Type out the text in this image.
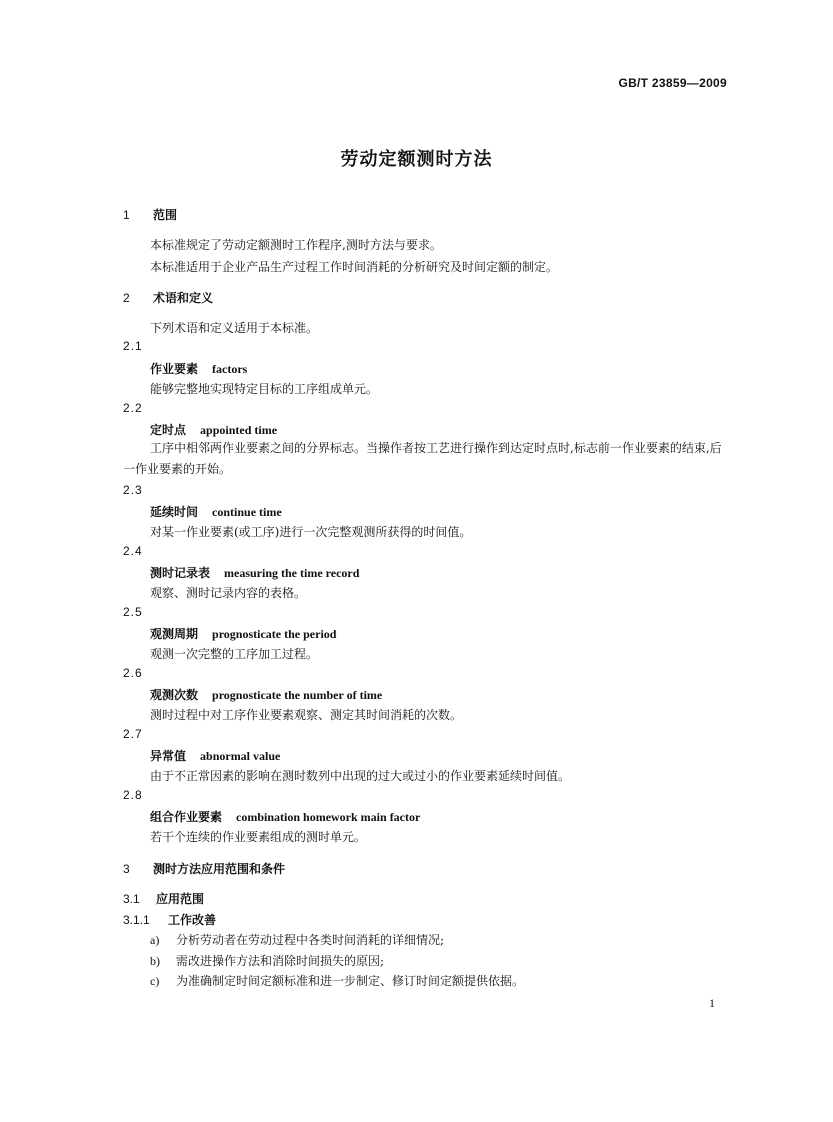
GB/T 23859—2009
劳动定额测时方法
1 范围
本标准规定了劳动定额测时工作程序,测时方法与要求。
本标准适用于企业产品生产过程工作时间消耗的分析研究及时间定额的制定。
2 术语和定义
下列术语和定义适用于本标准。
2.1
作业要素 factors
能够完整地实现特定目标的工序组成单元。
2.2
定时点 appointed time
工序中相邻两作业要素之间的分界标志。当操作者按工艺进行操作到达定时点时,标志前一作业要素的结束,后一作业要素的开始。
2.3
延续时间 continue time
对某一作业要素(或工序)进行一次完整观测所获得的时间值。
2.4
测时记录表 measuring the time record
观察、测时记录内容的表格。
2.5
观测周期 prognosticate the period
观测一次完整的工序加工过程。
2.6
观测次数 prognosticate the number of time
测时过程中对工序作业要素观察、测定其时间消耗的次数。
2.7
异常值 abnormal value
由于不正常因素的影响在测时数列中出现的过大或过小的作业要素延续时间值。
2.8
组合作业要素 combination homework main factor
若干个连续的作业要素组成的测时单元。
3 测时方法应用范围和条件
3.1 应用范围
3.1.1 工作改善
a) 分析劳动者在劳动过程中各类时间消耗的详细情况;
b) 需改进操作方法和消除时间损失的原因;
c) 为准确制定时间定额标准和进一步制定、修订时间定额提供依据。
1
